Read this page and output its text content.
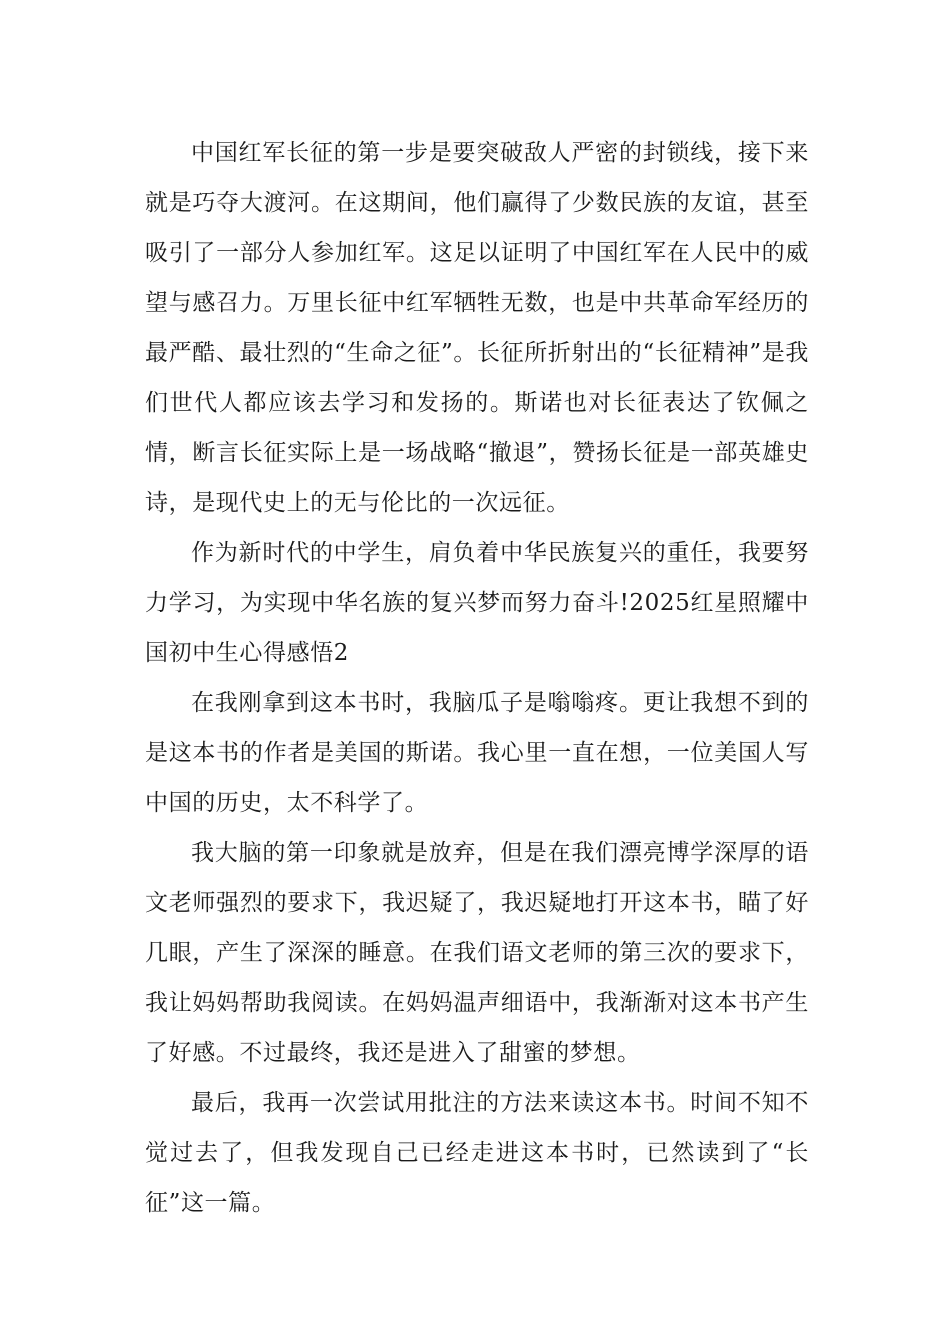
中国红军长征的第一步是要突破敌人严密的封锁线，接下来就是巧夺大渡河。在这期间，他们赢得了少数民族的友谊，甚至吸引了一部分人参加红军。这足以证明了中国红军在人民中的威望与感召力。万里长征中红军牺牲无数，也是中共革命军经历的最严酷、最壮烈的“生命之征”。长征所折射出的“长征精神”是我们世代人都应该去学习和发扬的。斯诺也对长征表达了钦佩之情，断言长征实际上是一场战略“撤退”，赞扬长征是一部英雄史诗，是现代史上的无与伦比的一次远征。

作为新时代的中学生，肩负着中华民族复兴的重任，我要努力学习，为实现中华名族的复兴梦而努力奋斗!2025红星照耀中国初中生心得感悟2

在我刚拿到这本书时，我脑瓜子是嗡嗡疼。更让我想不到的是这本书的作者是美国的斯诺。我心里一直在想，一位美国人写中国的历史，太不科学了。

我大脑的第一印象就是放弃，但是在我们漂亮博学深厚的语文老师强烈的要求下，我迟疑了，我迟疑地打开这本书，瞄了好几眼，产生了深深的睡意。在我们语文老师的第三次的要求下，我让妈妈帮助我阅读。在妈妈温声细语中，我渐渐对这本书产生了好感。不过最终，我还是进入了甜蜜的梦想。

最后，我再一次尝试用批注的方法来读这本书。时间不知不觉过去了，但我发现自己已经走进这本书时，已然读到了“长征”这一篇。
